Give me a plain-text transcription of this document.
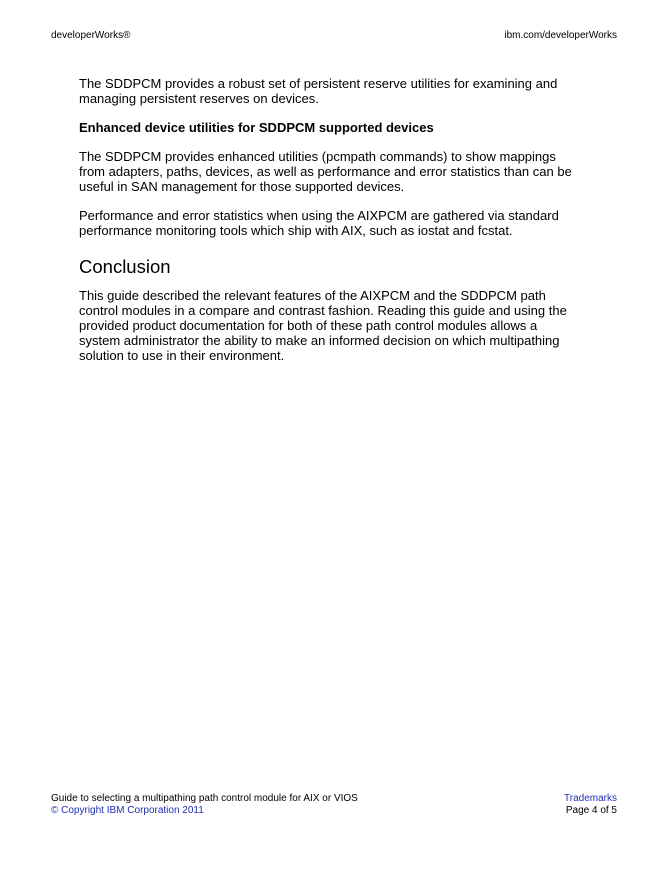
developerWorks®	ibm.com/developerWorks

The SDDPCM provides a robust set of persistent reserve utilities for examining and managing persistent reserves on devices.

Enhanced device utilities for SDDPCM supported devices

The SDDPCM provides enhanced utilities (pcmpath commands) to show mappings from adapters, paths, devices, as well as performance and error statistics than can be useful in SAN management for those supported devices.

Performance and error statistics when using the AIXPCM are gathered via standard performance monitoring tools which ship with AIX, such as iostat and fcstat.

Conclusion

This guide described the relevant features of the AIXPCM and the SDDPCM path control modules in a compare and contrast fashion. Reading this guide and using the provided product documentation for both of these path control modules allows a system administrator the ability to make an informed decision on which multipathing solution to use in their environment.

Guide to selecting a multipathing path control module for AIX or VIOS
© Copyright IBM Corporation 2011
Trademarks
Page 4 of 5
